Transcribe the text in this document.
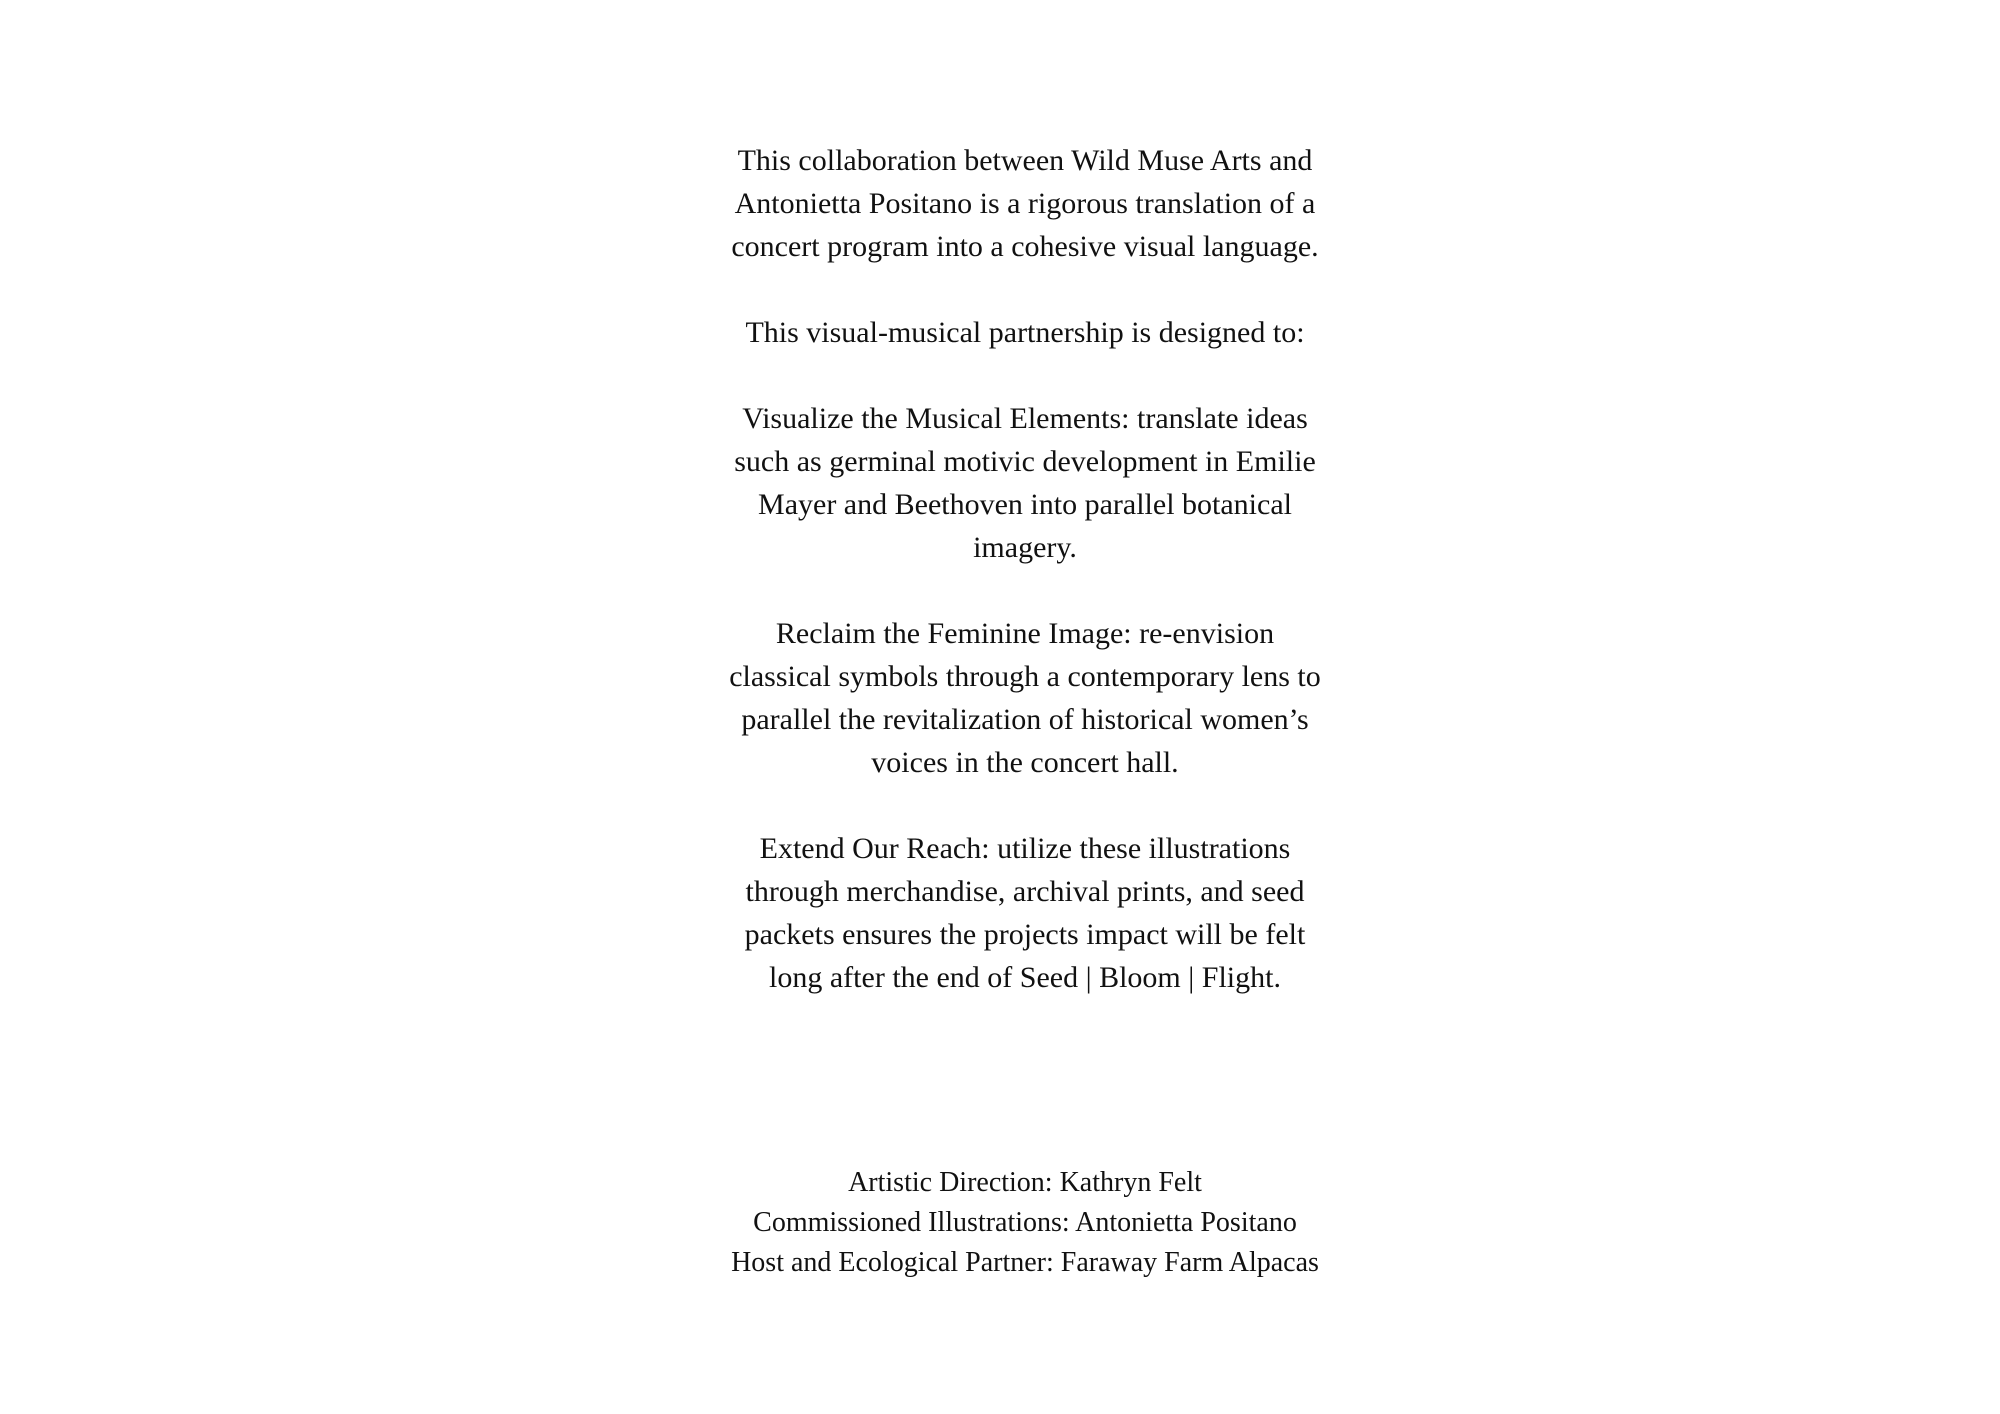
This collaboration between Wild Muse Arts and Antonietta Positano is a rigorous translation of a concert program into a cohesive visual language.

This visual-musical partnership is designed to:

Visualize the Musical Elements: translate ideas such as germinal motivic development in Emilie Mayer and Beethoven into parallel botanical imagery.

Reclaim the Feminine Image: re-envision classical symbols through a contemporary lens to parallel the revitalization of historical women’s voices in the concert hall.

Extend Our Reach: utilize these illustrations through merchandise, archival prints, and seed packets ensures the projects impact will be felt long after the end of Seed | Bloom | Flight.

Artistic Direction: Kathryn Felt
Commissioned Illustrations: Antonietta Positano
Host and Ecological Partner: Faraway Farm Alpacas
